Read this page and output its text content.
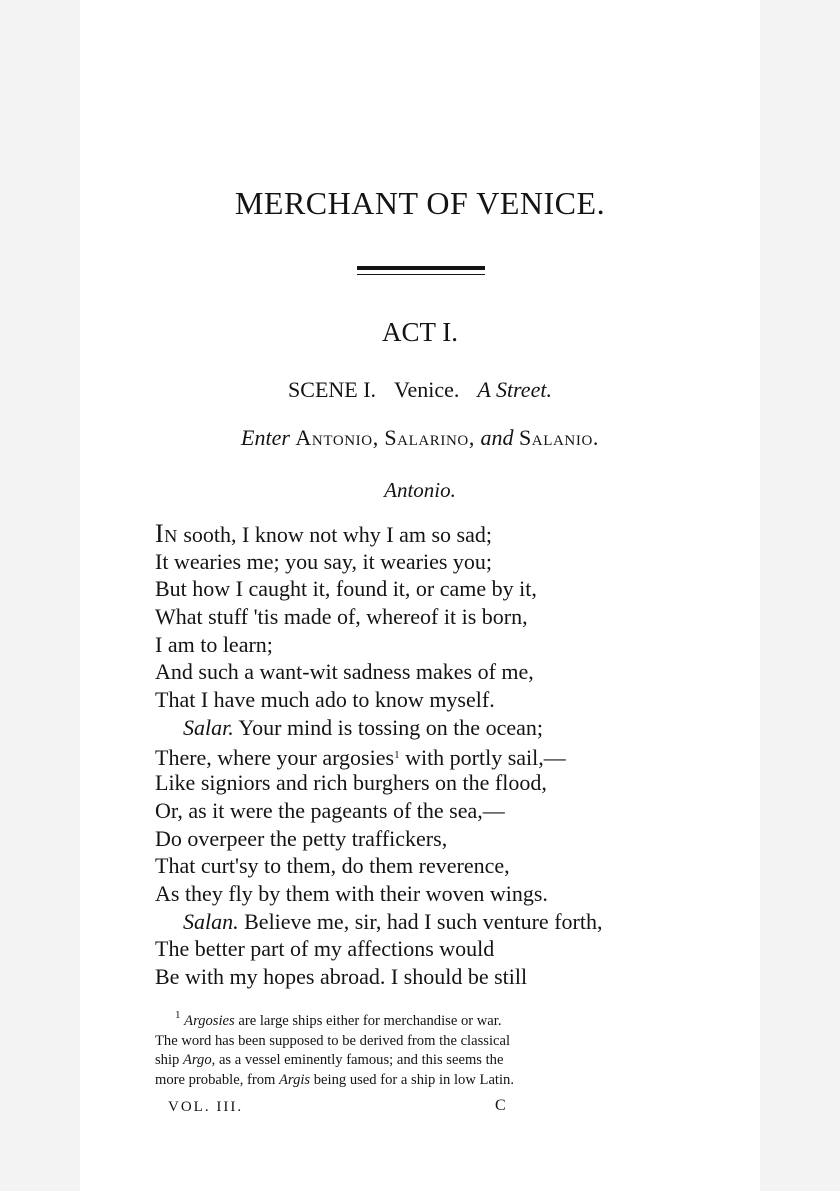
MERCHANT OF VENICE.
ACT I.
SCENE I. Venice. A Street.
Enter Antonio, Salarino, and Salanio.
Antonio.
In sooth, I know not why I am so sad;
It wearies me; you say, it wearies you;
But how I caught it, found it, or came by it,
What stuff 'tis made of, whereof it is born,
I am to learn;
And such a want-wit sadness makes of me,
That I have much ado to know myself.
Salar. Your mind is tossing on the ocean;
There, where your argosies$^1$ with portly sail,—
Like signiors and rich burghers on the flood,
Or, as it were the pageants of the sea,—
Do overpeer the petty traffickers,
That curt'sy to them, do them reverence,
As they fly by them with their woven wings.
Salan. Believe me, sir, had I such venture forth,
The better part of my affections would
Be with my hopes abroad. I should be still
$^1$ Argosies are large ships either for merchandise or war.
The word has been supposed to be derived from the classical
ship Argo, as a vessel eminently famous; and this seems the
more probable, from Argis being used for a ship in low Latin.
VOL. III.	C
